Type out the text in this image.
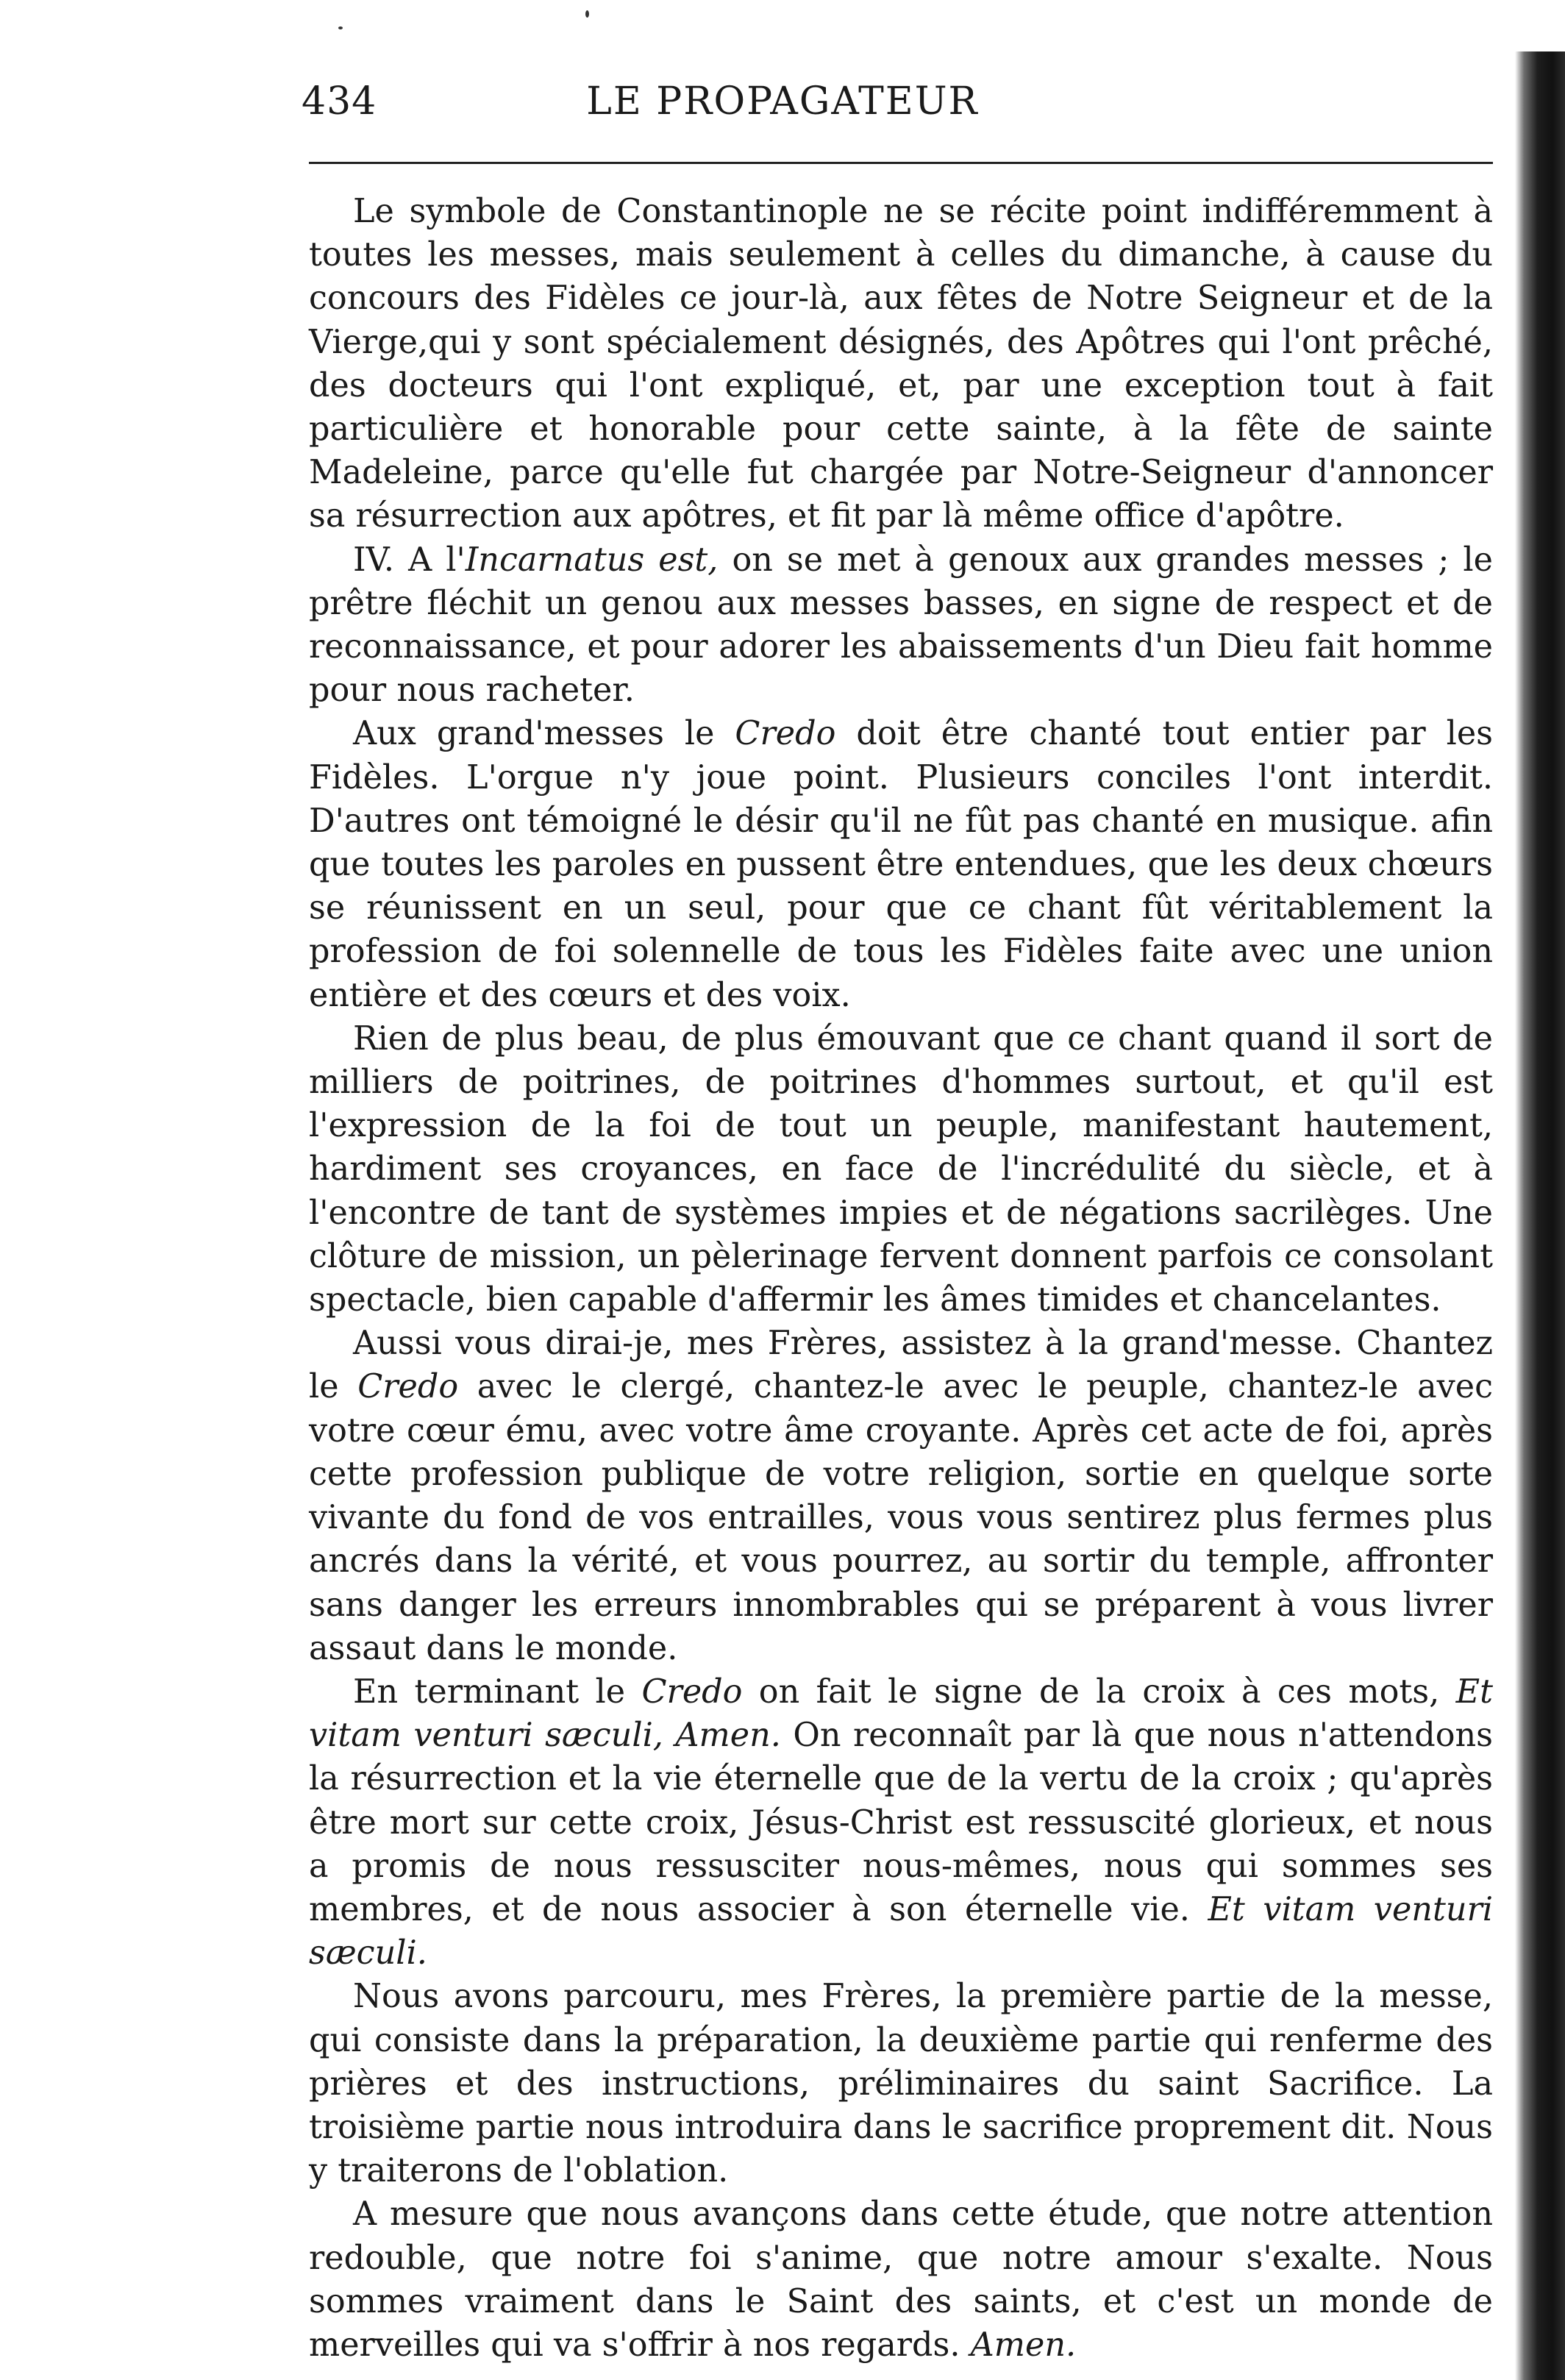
434	LE PROPAGATEUR

Le symbole de Constantinople ne se récite point indifféremment à toutes les messes, mais seulement à celles du dimanche, à cause du concours des Fidèles ce jour-là, aux fêtes de Notre Seigneur et de la Vierge,qui y sont spécialement désignés, des Apôtres qui l'ont prêché, des docteurs qui l'ont expliqué, et, par une exception tout à fait particulière et honorable pour cette sainte, à la fête de sainte Madeleine, parce qu'elle fut chargée par Notre-Seigneur d'annoncer sa résurrection aux apôtres, et fit par là même office d'apôtre.

IV. A l'Incarnatus est, on se met à genoux aux grandes messes ; le prêtre fléchit un genou aux messes basses, en signe de respect et de reconnaissance, et pour adorer les abaissements d'un Dieu fait homme pour nous racheter.

Aux grand'messes le Credo doit être chanté tout entier par les Fidèles. L'orgue n'y joue point. Plusieurs conciles l'ont interdit. D'autres ont témoigné le désir qu'il ne fût pas chanté en musique. afin que toutes les paroles en pussent être entendues, que les deux chœurs se réunissent en un seul, pour que ce chant fût véritablement la profession de foi solennelle de tous les Fidèles faite avec une union entière et des cœurs et des voix.

Rien de plus beau, de plus émouvant que ce chant quand il sort de milliers de poitrines, de poitrines d'hommes surtout, et qu'il est l'expression de la foi de tout un peuple, manifestant hautement, hardiment ses croyances, en face de l'incrédulité du siècle, et à l'encontre de tant de systèmes impies et de négations sacrilèges. Une clôture de mission, un pèlerinage fervent donnent parfois ce consolant spectacle, bien capable d'affermir les âmes timides et chancelantes.

Aussi vous dirai-je, mes Frères, assistez à la grand'messe. Chantez le Credo avec le clergé, chantez-le avec le peuple, chantez-le avec votre cœur ému, avec votre âme croyante. Après cet acte de foi, après cette profession publique de votre religion, sortie en quelque sorte vivante du fond de vos entrailles, vous vous sentirez plus fermes plus ancrés dans la vérité, et vous pourrez, au sortir du temple, affronter sans danger les erreurs innombrables qui se préparent à vous livrer assaut dans le monde.

En terminant le Credo on fait le signe de la croix à ces mots, Et vitam venturi sæculi, Amen. On reconnaît par là que nous n'attendons la résurrection et la vie éternelle que de la vertu de la croix ; qu'après être mort sur cette croix, Jésus-Christ est ressuscité glorieux, et nous a promis de nous ressusciter nous-mêmes, nous qui sommes ses membres, et de nous associer à son éternelle vie. Et vitam venturi sæculi.

Nous avons parcouru, mes Frères, la première partie de la messe, qui consiste dans la préparation, la deuxième partie qui renferme des prières et des instructions, préliminaires du saint Sacrifice. La troisième partie nous introduira dans le sacrifice proprement dit. Nous y traiterons de l'oblation.

A mesure que nous avançons dans cette étude, que notre attention redouble, que notre foi s'anime, que notre amour s'exalte. Nous sommes vraiment dans le Saint des saints, et c'est un monde de merveilles qui va s'offrir à nos regards. Amen.
